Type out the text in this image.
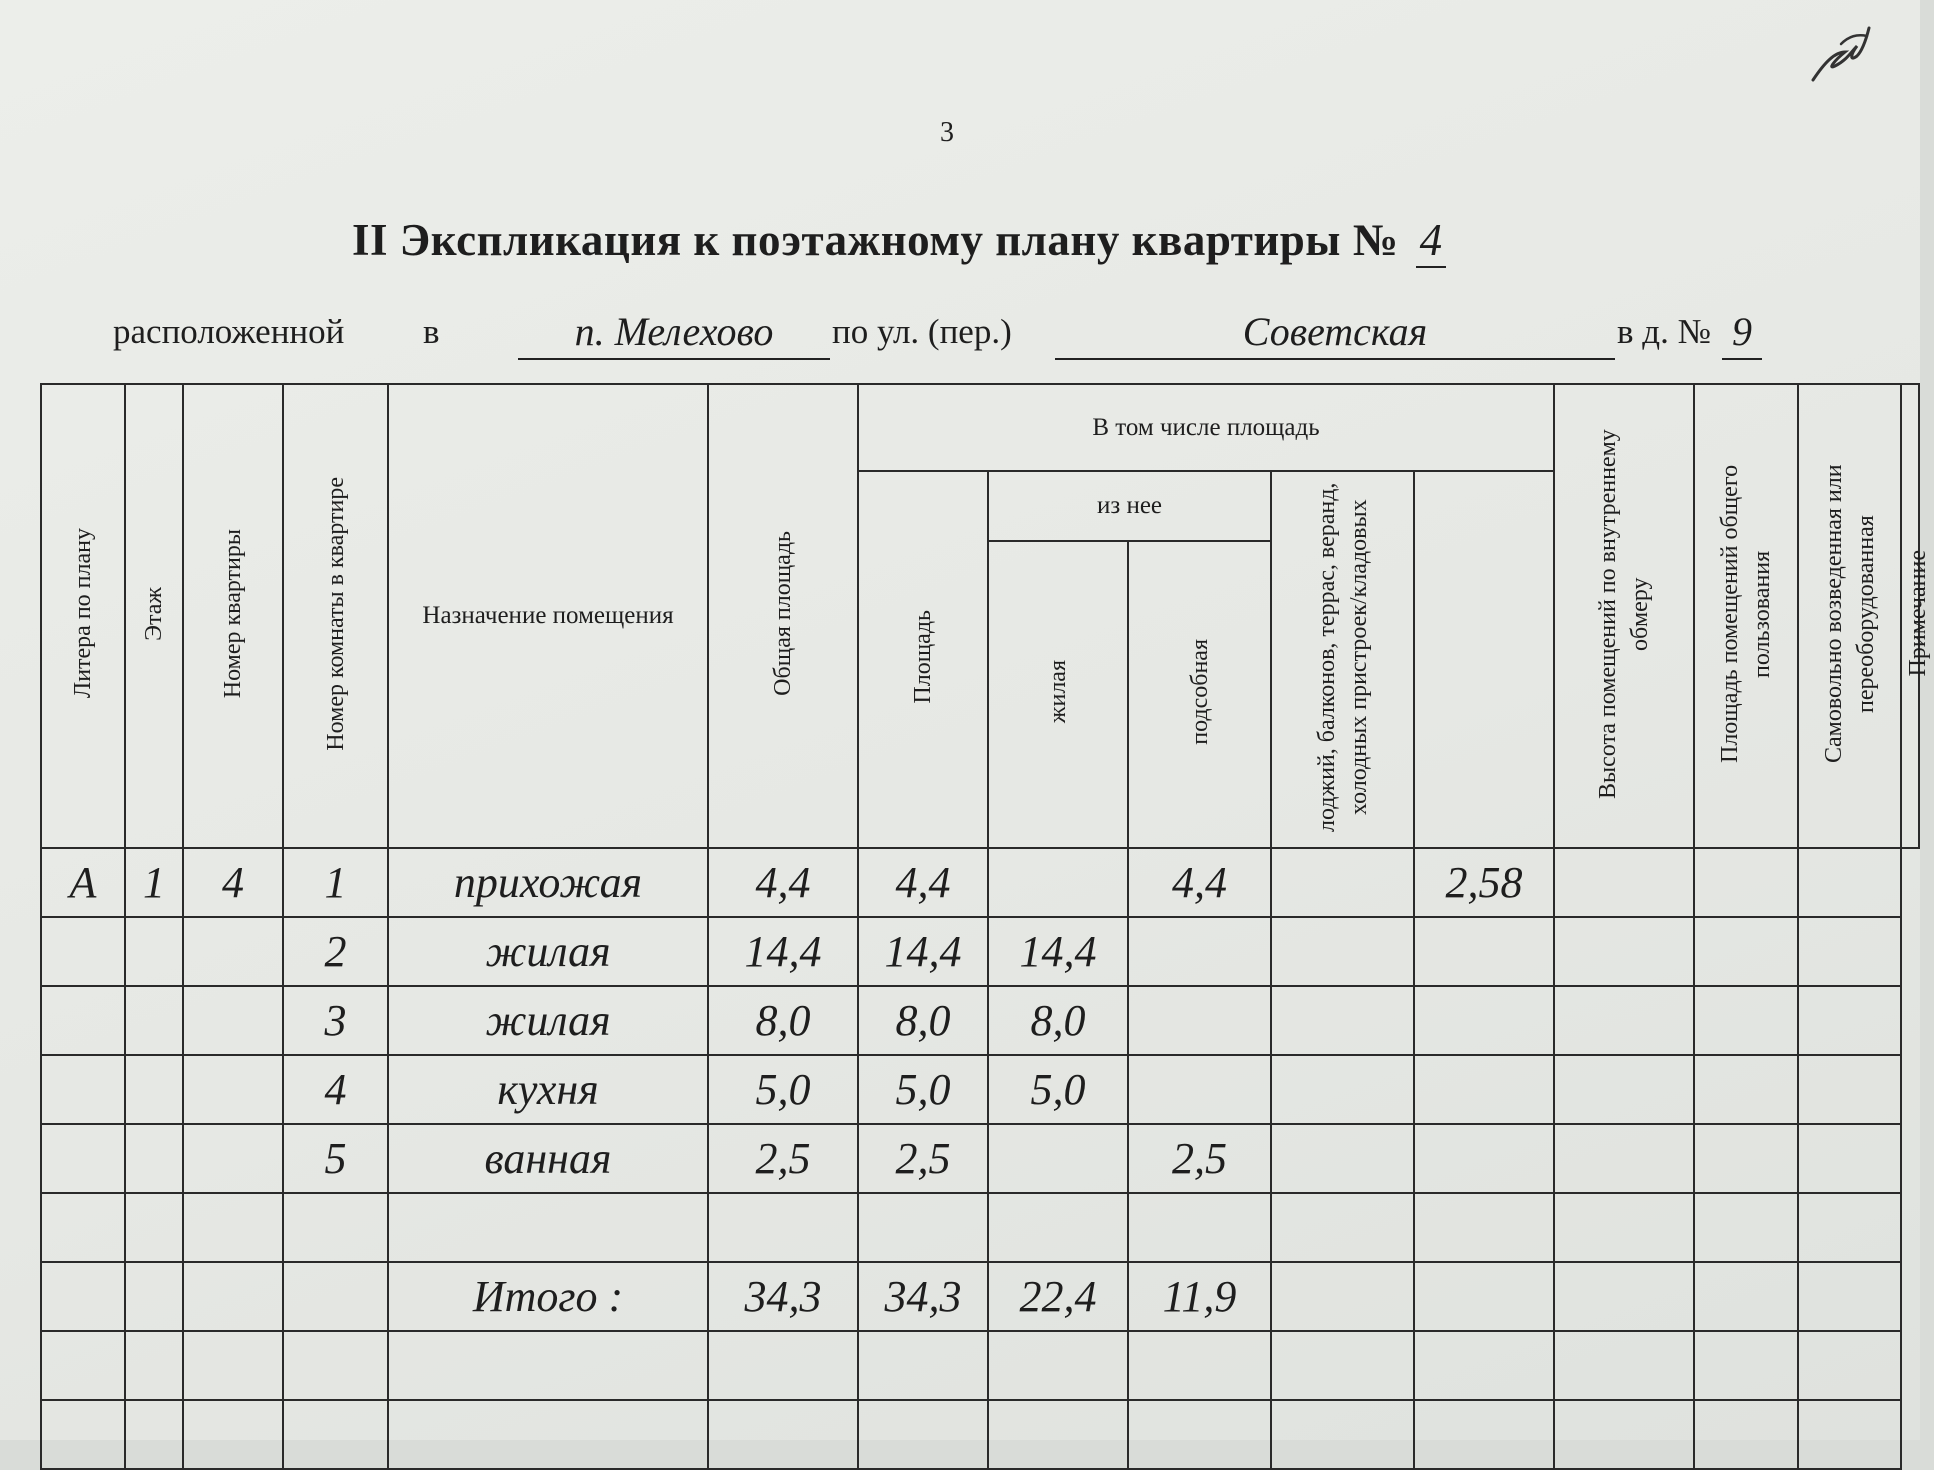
3
II Экспликация к поэтажному плану квартиры № 4
расположенной в	п. Мелехово	по ул. (пер.)	Советская	в д. № 9
Литера по плану	Этаж	Номер квартиры	Номер комнаты в квартире	Назначение помещения	Общая площадь	В том числе площадь					Высота помещений по внутреннему обмеру	Площадь помещений общего пользования	Самовольно возведенная или переоборудованная	Примечание
						Площадь	из нее		лоджий, балконов, террас, веранд, холодных пристроек/кладовых					
							жилая	подсобная						
А	1	4	1	прихожая	4,4	4,4		4,4		2,58				
			2	жилая	14,4	14,4	14,4							
			3	жилая	8,0	8,0	8,0							
			4	кухня	5,0	5,0	5,0							
			5	ванная	2,5	2,5		2,5						

				Итого :	34,3	34,3	22,4	11,9						
